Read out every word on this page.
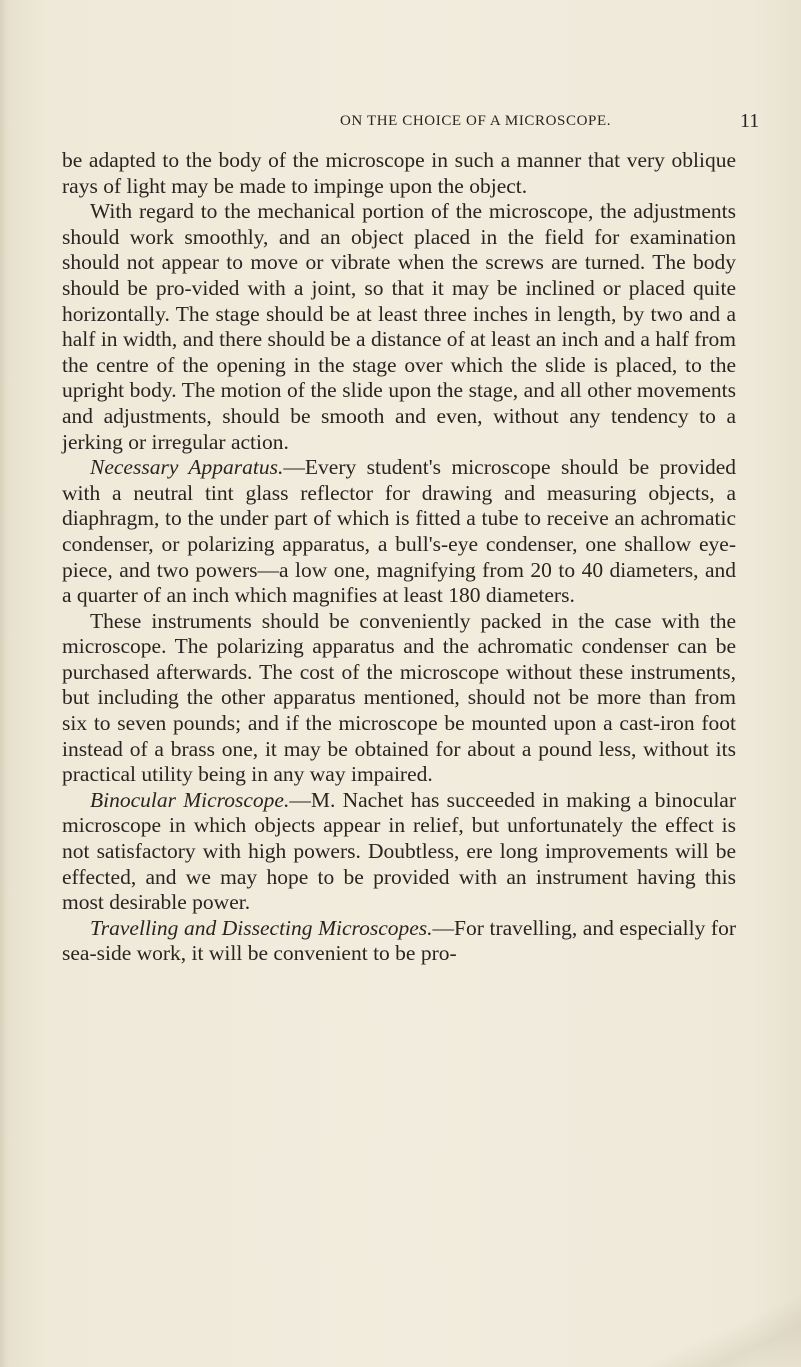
ON THE CHOICE OF A MICROSCOPE.	11

be adapted to the body of the microscope in such a manner that very oblique rays of light may be made to impinge upon the object.

With regard to the mechanical portion of the microscope, the adjustments should work smoothly, and an object placed in the field for examination should not appear to move or vibrate when the screws are turned. The body should be pro-vided with a joint, so that it may be inclined or placed quite horizontally. The stage should be at least three inches in length, by two and a half in width, and there should be a distance of at least an inch and a half from the centre of the opening in the stage over which the slide is placed, to the upright body. The motion of the slide upon the stage, and all other movements and adjustments, should be smooth and even, without any tendency to a jerking or irregular action.

Necessary Apparatus.—Every student's microscope should be provided with a neutral tint glass reflector for drawing and measuring objects, a diaphragm, to the under part of which is fitted a tube to receive an achromatic condenser, or polarizing apparatus, a bull's-eye condenser, one shallow eye-piece, and two powers—a low one, magnifying from 20 to 40 diameters, and a quarter of an inch which magnifies at least 180 diameters.

These instruments should be conveniently packed in the case with the microscope. The polarizing apparatus and the achromatic condenser can be purchased afterwards. The cost of the microscope without these instruments, but including the other apparatus mentioned, should not be more than from six to seven pounds; and if the microscope be mounted upon a cast-iron foot instead of a brass one, it may be obtained for about a pound less, without its practical utility being in any way impaired.

Binocular Microscope.—M. Nachet has succeeded in making a binocular microscope in which objects appear in relief, but unfortunately the effect is not satisfactory with high powers. Doubtless, ere long improvements will be effected, and we may hope to be provided with an instrument having this most desirable power.

Travelling and Dissecting Microscopes.—For travelling, and especially for sea-side work, it will be convenient to be pro-
